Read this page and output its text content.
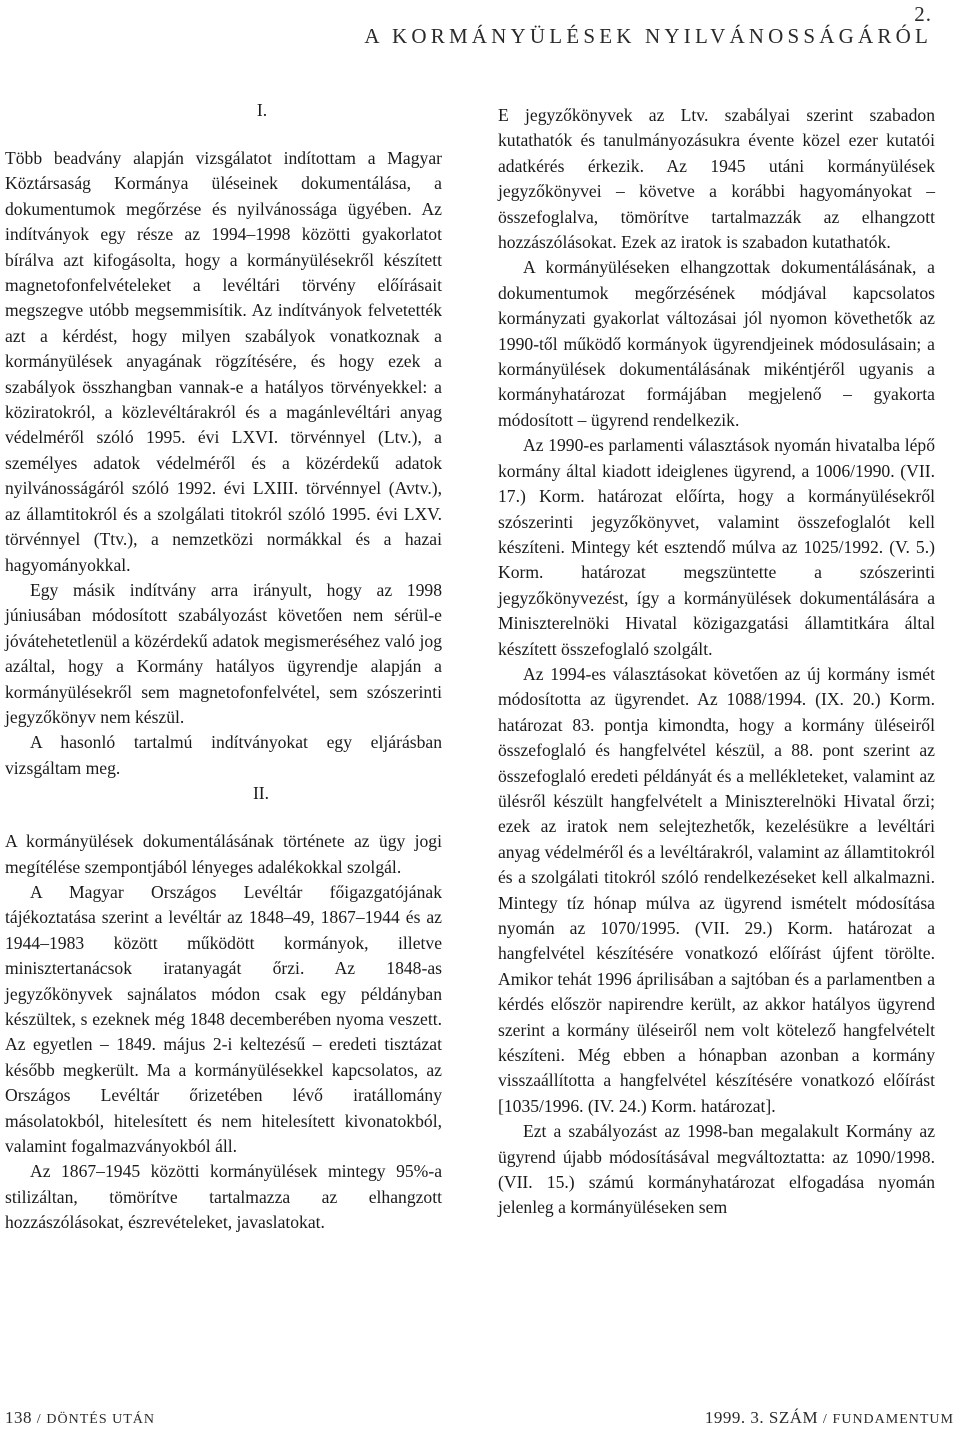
2.
A KORMÁNYÜLÉSEK NYILVÁNOSSÁGÁRÓL

I.

Több beadvány alapján vizsgálatot indítottam a Magyar Köztársaság Kormánya üléseinek dokumentálása, a dokumentumok megőrzése és nyilvánossága ügyében. Az indítványok egy része az 1994–1998 közötti gyakorlatot bírálva azt kifogásolta, hogy a kormányülésekről készített magnetofonfelvételeket a levéltári törvény előírásait megszegve utóbb megsemmisítik. Az indítványok felvetették azt a kérdést, hogy milyen szabályok vonatkoznak a kormányülések anyagának rögzítésére, és hogy ezek a szabályok összhangban vannak-e a hatályos törvényekkel: a köziratokról, a közlevéltárakról és a magánlevéltári anyag védelméről szóló 1995. évi LXVI. törvénnyel (Ltv.), a személyes adatok védelméről és a közérdekű adatok nyilvánosságáról szóló 1992. évi LXIII. törvénnyel (Avtv.), az államtitokról és a szolgálati titokról szóló 1995. évi LXV. törvénnyel (Ttv.), a nemzetközi normákkal és a hazai hagyományokkal.

Egy másik indítvány arra irányult, hogy az 1998 júniusában módosított szabályozást követően nem sérül-e jóvátehetetlenül a közérdekű adatok megismeréséhez való jog azáltal, hogy a Kormány hatályos ügyrendje alapján a kormányülésekről sem magnetofonfelvétel, sem szószerinti jegyzőkönyv nem készül.

A hasonló tartalmú indítványokat egy eljárásban vizsgáltam meg.

II.

A kormányülések dokumentálásának története az ügy jogi megítélése szempontjából lényeges adalékokkal szolgál.

A Magyar Országos Levéltár főigazgatójának tájékoztatása szerint a levéltár az 1848–49, 1867–1944 és az 1944–1983 között működött kormányok, illetve minisztertanácsok iratanyagát őrzi. Az 1848-as jegyzőkönyvek sajnálatos módon csak egy példányban készültek, s ezeknek még 1848 decemberében nyoma veszett. Az egyetlen – 1849. május 2-i keltezésű – eredeti tisztázat később megkerült. Ma a kormányülésekkel kapcsolatos, az Országos Levéltár őrizetében lévő iratállomány másolatokból, hitelesített és nem hitelesített kivonatokból, valamint fogalmazványokból áll.

Az 1867–1945 közötti kormányülések mintegy 95%-a stilizáltan, tömörítve tartalmazza az elhangzott hozzászólásokat, észrevételeket, javaslatokat.

E jegyzőkönyvek az Ltv. szabályai szerint szabadon kutathatók és tanulmányozásukra évente közel ezer kutatói adatkérés érkezik. Az 1945 utáni kormányülések jegyzőkönyvei – követve a korábbi hagyományokat – összefoglalva, tömörítve tartalmazzák az elhangzott hozzászólásokat. Ezek az iratok is szabadon kutathatók.

A kormányüléseken elhangzottak dokumentálásának, a dokumentumok megőrzésének módjával kapcsolatos kormányzati gyakorlat változásai jól nyomon követhetők az 1990-től működő kormányok ügyrendjeinek módosulásain; a kormányülések dokumentálásának mikéntjéről ugyanis a kormányhatározat formájában megjelenő – gyakorta módosított – ügyrend rendelkezik.

Az 1990-es parlamenti választások nyomán hivatalba lépő kormány által kiadott ideiglenes ügyrend, a 1006/1990. (VII. 17.) Korm. határozat előírta, hogy a kormányülésekről szószerinti jegyzőkönyvet, valamint összefoglalót kell készíteni. Mintegy két esztendő múlva az 1025/1992. (V. 5.) Korm. határozat megszüntette a szószerinti jegyzőkönyvezést, így a kormányülések dokumentálására a Miniszterelnöki Hivatal közigazgatási államtitkára által készített összefoglaló szolgált.

Az 1994-es választásokat követően az új kormány ismét módosította az ügyrendet. Az 1088/1994. (IX. 20.) Korm. határozat 83. pontja kimondta, hogy a kormány üléseiről összefoglaló és hangfelvétel készül, a 88. pont szerint az összefoglaló eredeti példányát és a mellékleteket, valamint az ülésről készült hangfelvételt a Miniszterelnöki Hivatal őrzi; ezek az iratok nem selejtezhetők, kezelésükre a levéltári anyag védelméről és a levéltárakról, valamint az államtitokról és a szolgálati titokról szóló rendelkezéseket kell alkalmazni. Mintegy tíz hónap múlva az ügyrend ismételt módosítása nyomán az 1070/1995. (VII. 29.) Korm. határozat a hangfelvétel készítésére vonatkozó előírást újfent törölte. Amikor tehát 1996 áprilisában a sajtóban és a parlamentben a kérdés először napirendre került, az akkor hatályos ügyrend szerint a kormány üléseiről nem volt kötelező hangfelvételt készíteni. Még ebben a hónapban azonban a kormány visszaállította a hangfelvétel készítésére vonatkozó előírást [1035/1996. (IV. 24.) Korm. határozat].

Ezt a szabályozást az 1998-ban megalakult Kormány az ügyrend újabb módosításával megváltoztatta: az 1090/1998. (VII. 15.) számú kormányhatározat elfogadása nyomán jelenleg a kormányüléseken sem

138 / DÖNTÉS UTÁN	1999. 3. SZÁM / FUNDAMENTUM
